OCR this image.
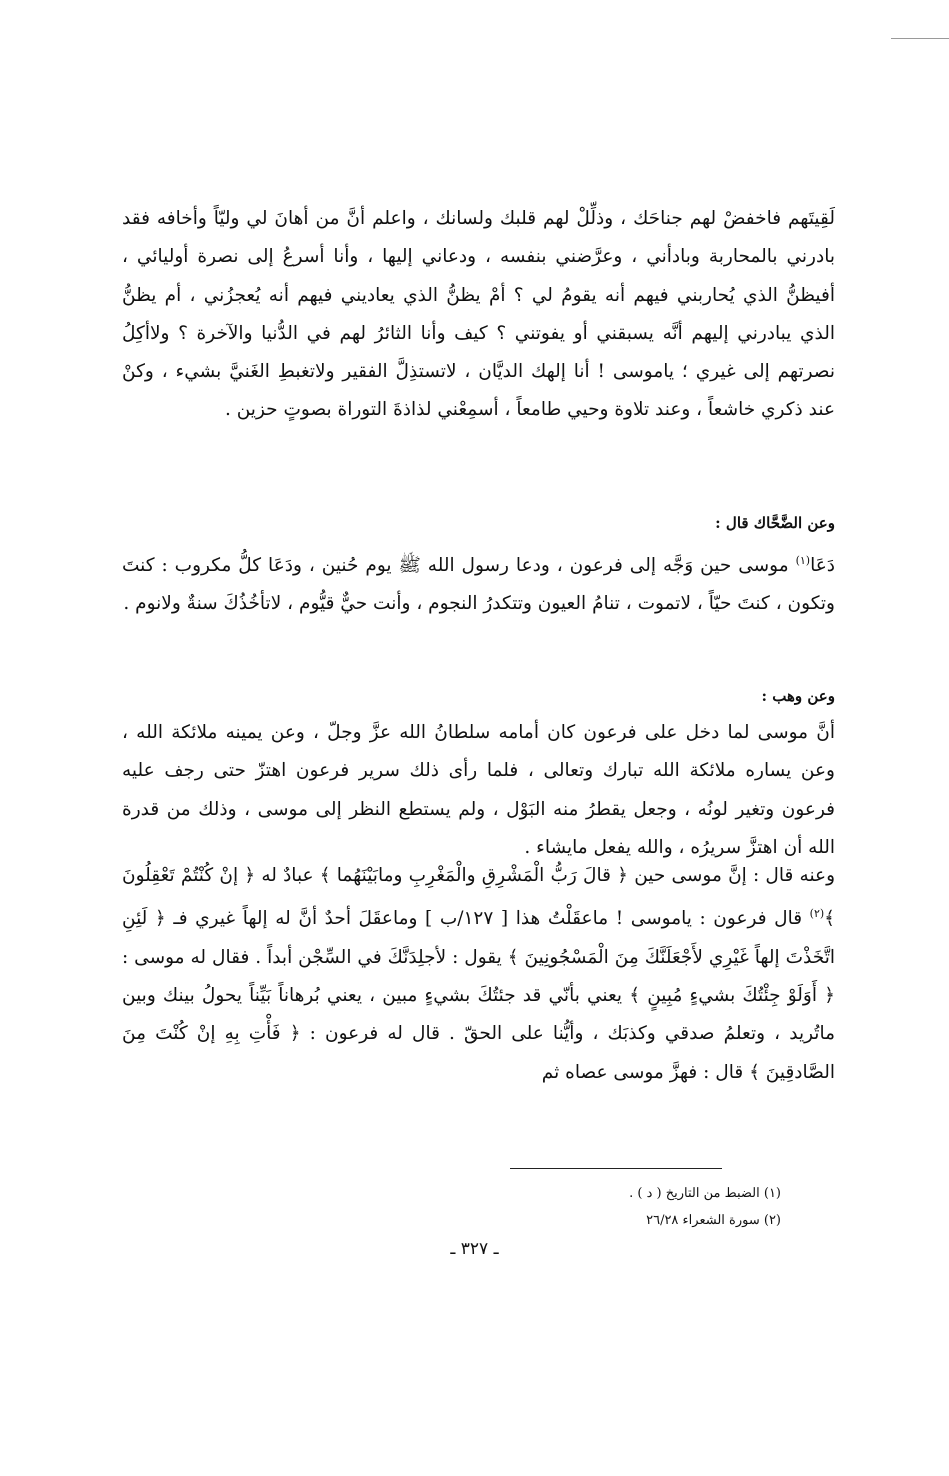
لَقِيتَهم فاخفضْ لهم جناحَك ، وذلِّلْ لهم قلبك ولسانك ، واعلم أنَّ من أهانَ لي وليّاً وأخافه فقد بادرني بالمحاربة وبادأني ، وعرَّضني بنفسه ، ودعاني إليها ، وأنا أسرعُ إلى نصرة أوليائي ، أفيظنُّ الذي يُحاربني فيهم أنه يقومُ لي ؟ أمْ يظنُّ الذي يعاديني فيهم أنه يُعجزُني ، أم يظنُّ الذي يبادرني إليهم أنَّه يسبقني أو يفوتني ؟ كيف وأنا الثائرُ لهم في الدُّنيا والآخرة ؟ ولاأكِلُ نصرتهم إلى غيري ؛ ياموسى ! أنا إلهك الديَّان ، لاتستذِلَّ الفقير ولاتغبطِ الغَنيَّ بشيء ، وكنْ عند ذكري خاشعاً ، وعند تلاوة وحيي طامعاً ، أسمِعْني لذاذةَ التوراة بصوتٍ حزين .

وعن الضَّحَّاك قال :

دَعَا$^{(١)}$ موسى حين وَجَّه إلى فرعون ، ودعا رسول الله ﷺ يوم حُنين ، ودَعَا كلُّ مكروب : كنتَ وتكون ، كنتَ حيّاً ، لاتموت ، تنامُ العيون وتتكدرُ النجوم ، وأنت حيٌّ قيُّوم ، لاتأخُذُكَ سنةٌ ولانوم .

وعن وهب :

أنَّ موسى لما دخل على فرعون كان أمامه سلطانُ الله عزَّ وجلّ ، وعن يمينه ملائكة الله ، وعن يساره ملائكة الله تبارك وتعالى ، فلما رأى ذلك سرير فرعون اهتزّ حتى رجف عليه فرعون وتغير لونُه ، وجعل يقطرُ منه البَوْل ، ولم يستطع النظر إلى موسى ، وذلك من قدرة الله أن اهتزَّ سريرُه ، والله يفعل مايشاء .

وعنه قال : إنَّ موسى حين ﴿ قالَ رَبُّ الْمَشْرِقِ والْمَغْرِبِ ومابَيْنَهُما ﴾ عبادٌ له ﴿ إنْ كُنْتُمْ تَعْقِلُونَ ﴾$^{(٢)}$ قال فرعون : ياموسى ! ماعقَلْتُ هذا [ ١٢٧/ب ] وماعقَلَ أحدٌ أنَّ له إلهاً غيري فـ ﴿ لَئِنِ اتَّخَذْتَ إلهاً غَيْرِي لأَجْعَلَنَّكَ مِنَ الْمَسْجُونِينَ ﴾ يقول : لأجلِدَنَّكَ في السِّجْن أبداً . فقال له موسى : ﴿ أَوَلَوْ جِئْتُكَ بشيءٍ مُبِينٍ ﴾ يعني بأنّي قد جئتُكَ بشيءٍ مبين ، يعني بُرهاناً بَيِّناً يحولُ بينك وبين ماتُريد ، وتعلمُ صدقي وكذبَك ، وأيُّنا على الحقّ . قال له فرعون : ﴿ فَأْتِ بِهِ إنْ كُنْتَ مِنَ الصَّادقِينَ ﴾ قال : فهزَّ موسى عصاه ثم

(١) الضبط من التاريخ ( د ) .
(٢) سورة الشعراء ٢٦/٢٨
ـ ٣٢٧ ـ
